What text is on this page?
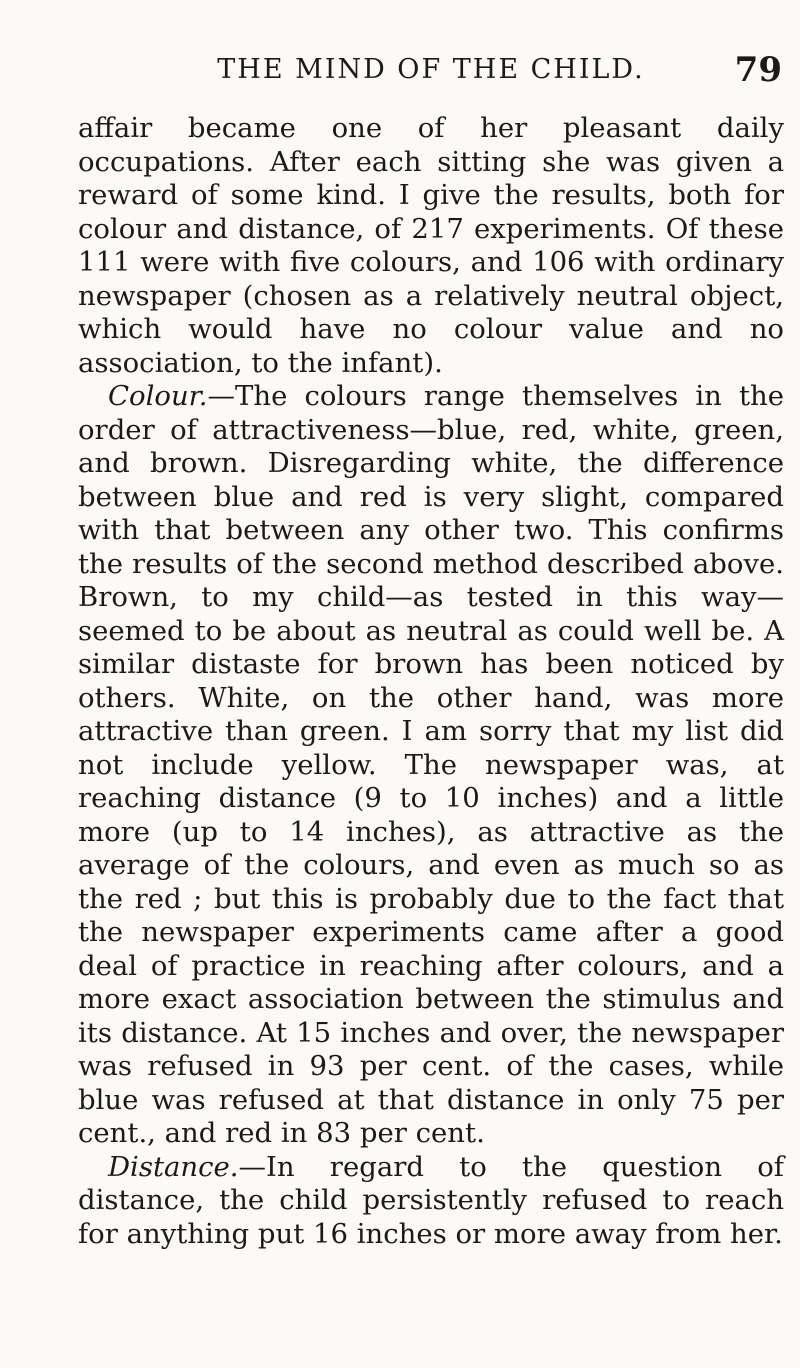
THE MIND OF THE CHILD.	79

affair became one of her pleasant daily occupations. After each sitting she was given a reward of some kind. I give the results, both for colour and distance, of 217 experiments. Of these 111 were with five colours, and 106 with ordinary newspaper (chosen as a relatively neutral object, which would have no colour value and no association, to the infant).

Colour.—The colours range themselves in the order of attractiveness—blue, red, white, green, and brown. Disregarding white, the difference between blue and red is very slight, compared with that between any other two. This confirms the results of the second method described above. Brown, to my child—as tested in this way—seemed to be about as neutral as could well be. A similar distaste for brown has been noticed by others. White, on the other hand, was more attractive than green. I am sorry that my list did not include yellow. The newspaper was, at reaching distance (9 to 10 inches) and a little more (up to 14 inches), as attractive as the average of the colours, and even as much so as the red ; but this is probably due to the fact that the newspaper experiments came after a good deal of practice in reaching after colours, and a more exact association between the stimulus and its distance. At 15 inches and over, the newspaper was refused in 93 per cent. of the cases, while blue was refused at that distance in only 75 per cent., and red in 83 per cent.

Distance.—In regard to the question of distance, the child persistently refused to reach for anything put 16 inches or more away from her.
